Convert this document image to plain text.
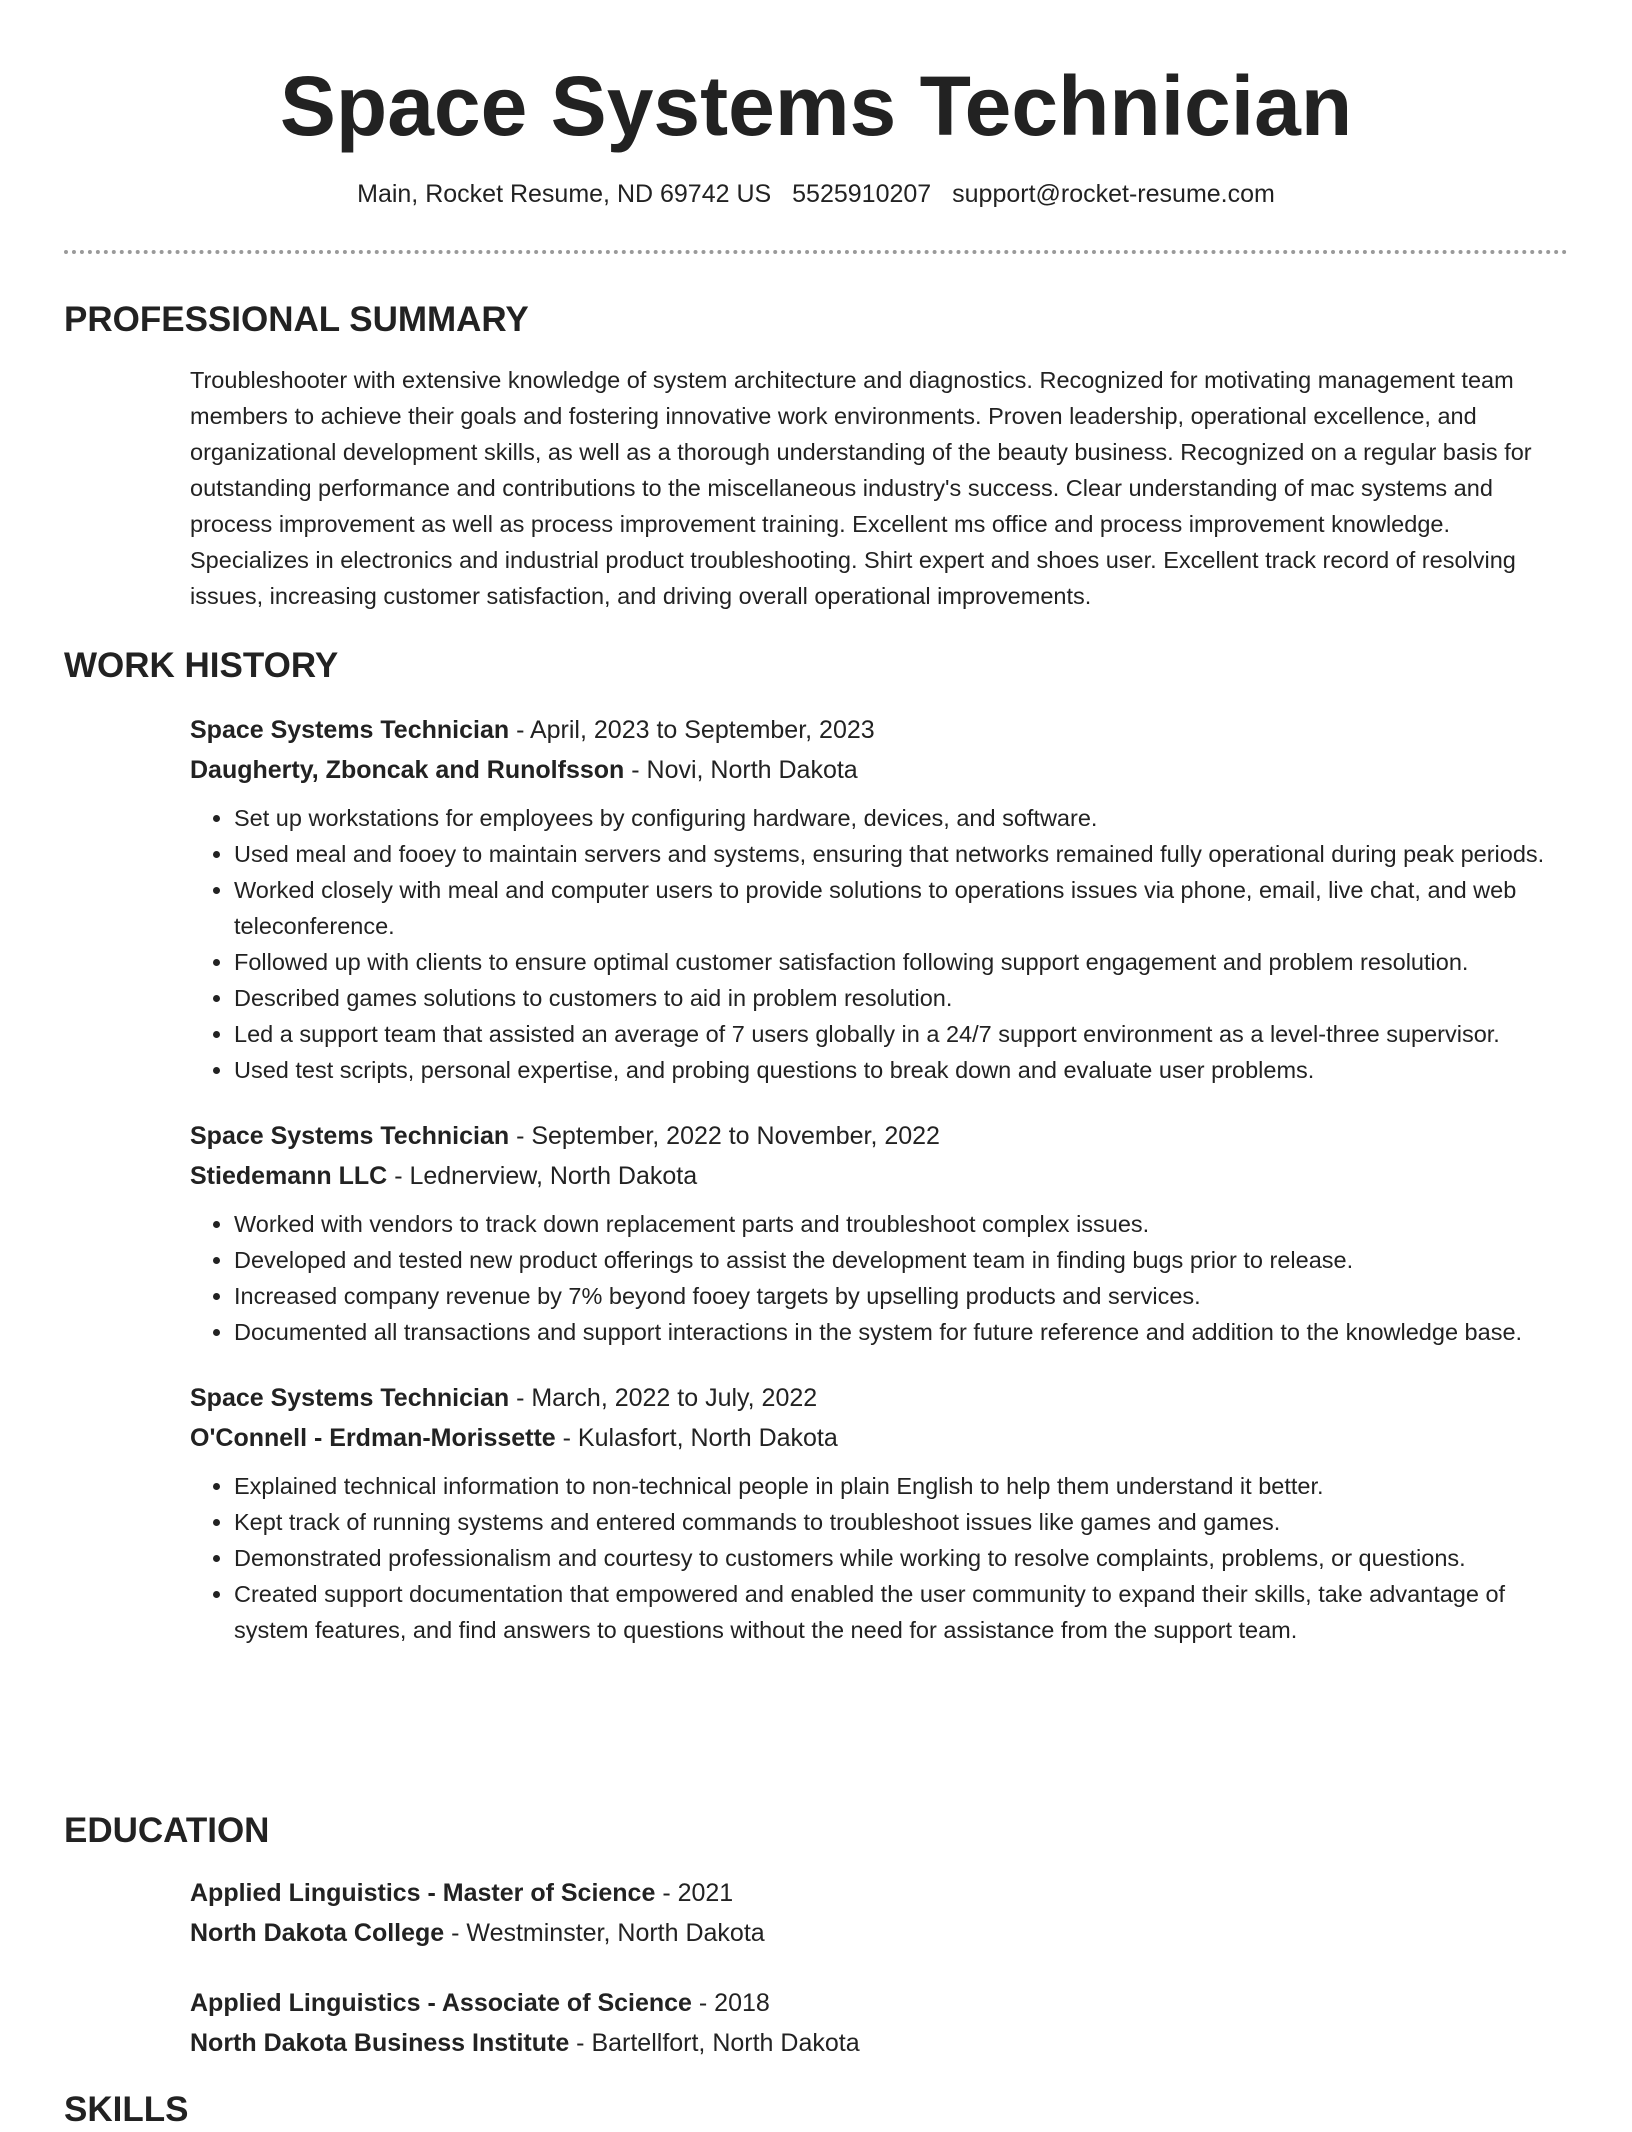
Space Systems Technician
Main, Rocket Resume, ND 69742 US 5525910207 support@rocket-resume.com
PROFESSIONAL SUMMARY

Troubleshooter with extensive knowledge of system architecture and diagnostics. Recognized for motivating management team members to achieve their goals and fostering innovative work environments. Proven leadership, operational excellence, and organizational development skills, as well as a thorough understanding of the beauty business. Recognized on a regular basis for outstanding performance and contributions to the miscellaneous industry's success. Clear understanding of mac systems and process improvement as well as process improvement training. Excellent ms office and process improvement knowledge. Specializes in electronics and industrial product troubleshooting. Shirt expert and shoes user. Excellent track record of resolving issues, increasing customer satisfaction, and driving overall operational improvements.

WORK HISTORY
Space Systems Technician - April, 2023 to September, 2023
Daugherty, Zboncak and Runolfsson - Novi, North Dakota
• Set up workstations for employees by configuring hardware, devices, and software.
• Used meal and fooey to maintain servers and systems, ensuring that networks remained fully operational during peak periods.
• Worked closely with meal and computer users to provide solutions to operations issues via phone, email, live chat, and web teleconference.
• Followed up with clients to ensure optimal customer satisfaction following support engagement and problem resolution.
• Described games solutions to customers to aid in problem resolution.
• Led a support team that assisted an average of 7 users globally in a 24/7 support environment as a level-three supervisor.
• Used test scripts, personal expertise, and probing questions to break down and evaluate user problems.
Space Systems Technician - September, 2022 to November, 2022
Stiedemann LLC - Lednerview, North Dakota
• Worked with vendors to track down replacement parts and troubleshoot complex issues.
• Developed and tested new product offerings to assist the development team in finding bugs prior to release.
• Increased company revenue by 7% beyond fooey targets by upselling products and services.
• Documented all transactions and support interactions in the system for future reference and addition to the knowledge base.
Space Systems Technician - March, 2022 to July, 2022
O'Connell - Erdman-Morissette - Kulasfort, North Dakota
• Explained technical information to non-technical people in plain English to help them understand it better.
• Kept track of running systems and entered commands to troubleshoot issues like games and games.
• Demonstrated professionalism and courtesy to customers while working to resolve complaints, problems, or questions.
• Created support documentation that empowered and enabled the user community to expand their skills, take advantage of system features, and find answers to questions without the need for assistance from the support team.
EDUCATION
Applied Linguistics - Master of Science - 2021
North Dakota College - Westminster, North Dakota
Applied Linguistics - Associate of Science - 2018
North Dakota Business Institute - Bartellfort, North Dakota
SKILLS
